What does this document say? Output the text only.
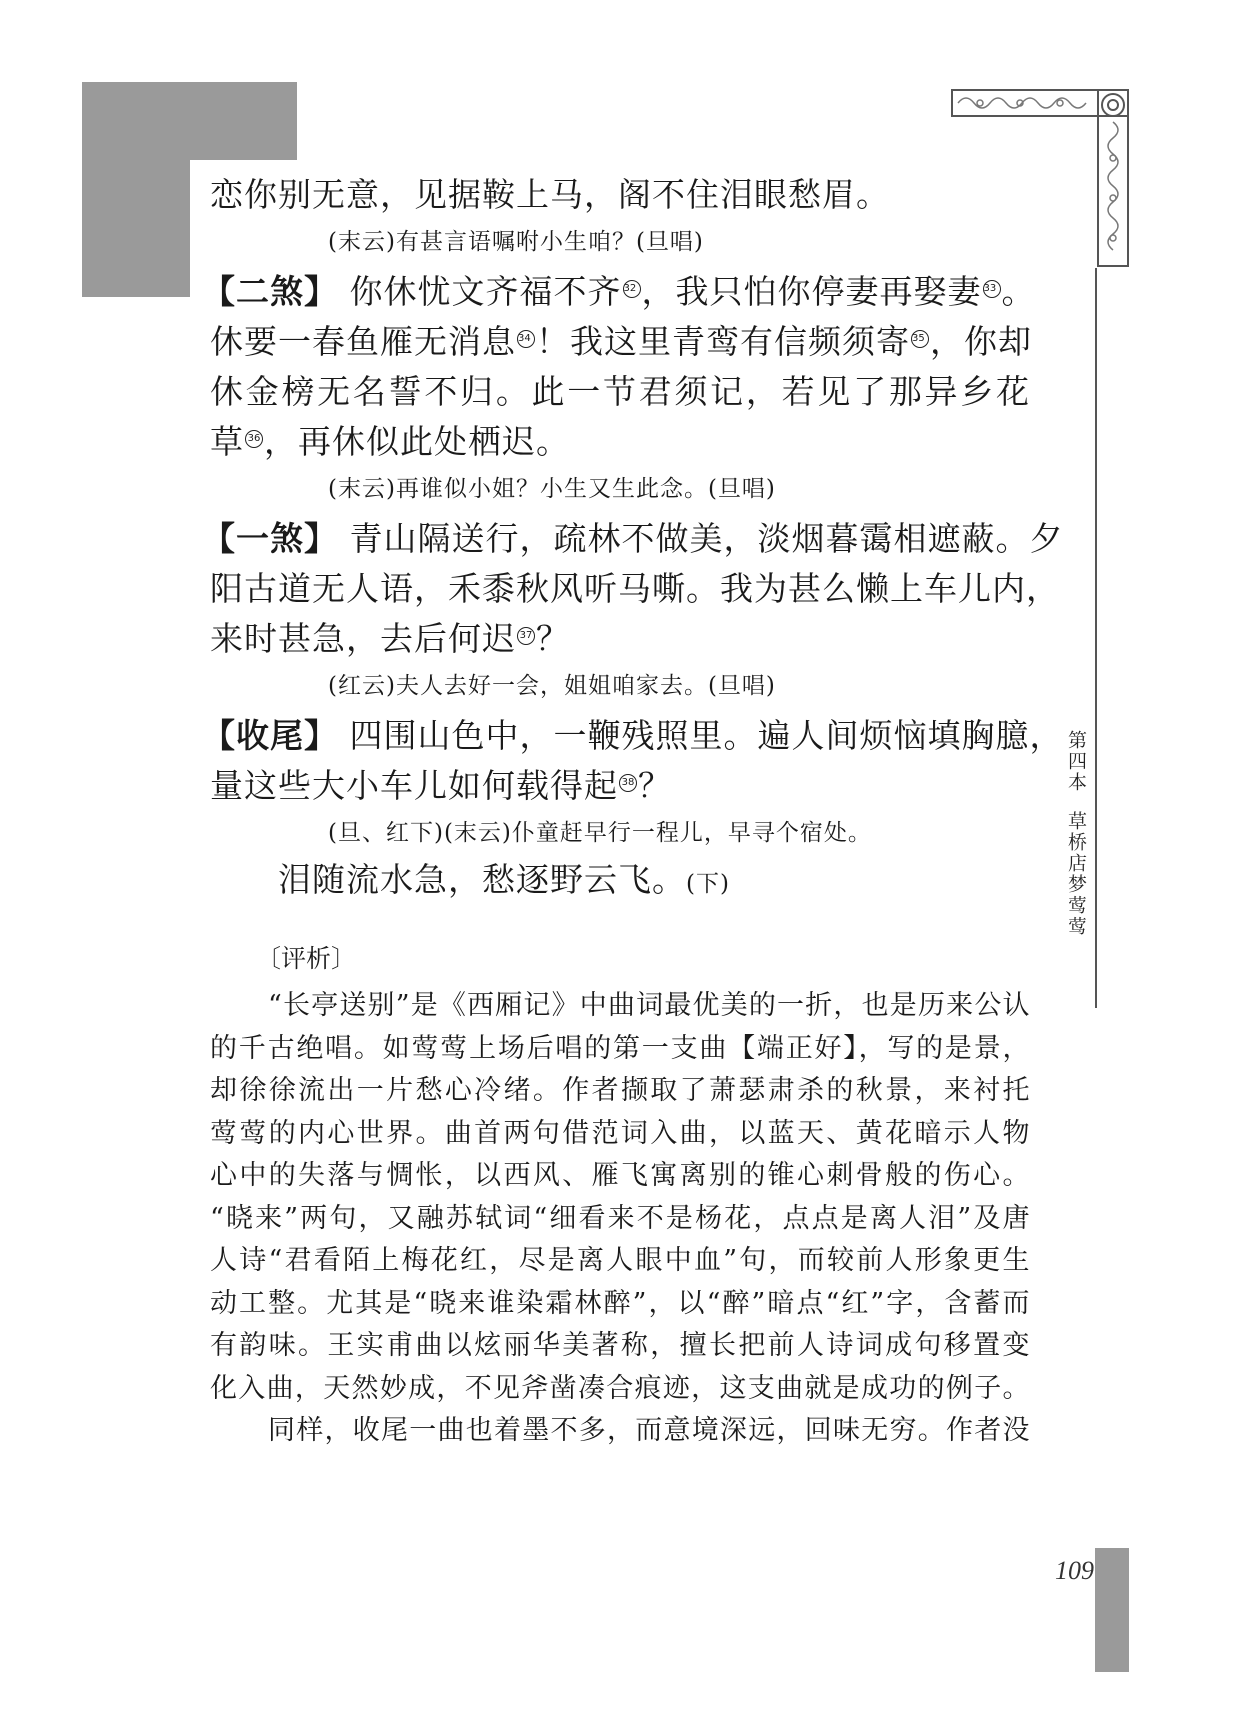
第四本草桥店梦莺莺
109
恋你别无意，见据鞍上马，阁不住泪眼愁眉。
(末云)有甚言语嘱咐小生咱？(旦唱)
【二煞】 你休忧文齐福不齐 32 ，我只怕你停妻再娶妻 33 。
休要一春鱼雁无消息 34 ！我这里青鸾有信频须寄 35 ，你却
休金榜无名誓不归。此一节君须记，若见了那异乡花
草 36 ，再休似此处栖迟。
(末云)再谁似小姐？小生又生此念。(旦唱)
【一煞】 青山隔送行，疏林不做美，淡烟暮霭相遮蔽。夕
阳古道无人语，禾黍秋风听马嘶。我为甚么懒上车儿内，
来时甚急，去后何迟 37 ？
(红云)夫人去好一会，姐姐咱家去。(旦唱)
【收尾】 四围山色中，一鞭残照里。遍人间烦恼填胸臆，
量这些大小车儿如何载得起 38 ？
(旦、红下)(末云)仆童赶早行一程儿，早寻个宿处。
泪随流水急，愁逐野云飞。(下)
〔评析〕
“长亭送别”是《西厢记》中曲词最优美的一折，也是历来公认
的千古绝唱。如莺莺上场后唱的第一支曲【端正好】，写的是景，
却徐徐流出一片愁心冷绪。作者撷取了萧瑟肃杀的秋景，来衬托
莺莺的内心世界。曲首两句借范词入曲，以蓝天、黄花暗示人物
心中的失落与惆怅，以西风、雁飞寓离别的锥心刺骨般的伤心。
“晓来”两句，又融苏轼词“细看来不是杨花，点点是离人泪”及唐
人诗“君看陌上梅花红，尽是离人眼中血”句，而较前人形象更生
动工整。尤其是“晓来谁染霜林醉”，以“醉”暗点“红”字，含蓄而
有韵味。王实甫曲以炫丽华美著称，擅长把前人诗词成句移置变
化入曲，天然妙成，不见斧凿凑合痕迹，这支曲就是成功的例子。
同样，收尾一曲也着墨不多，而意境深远，回味无穷。作者没
